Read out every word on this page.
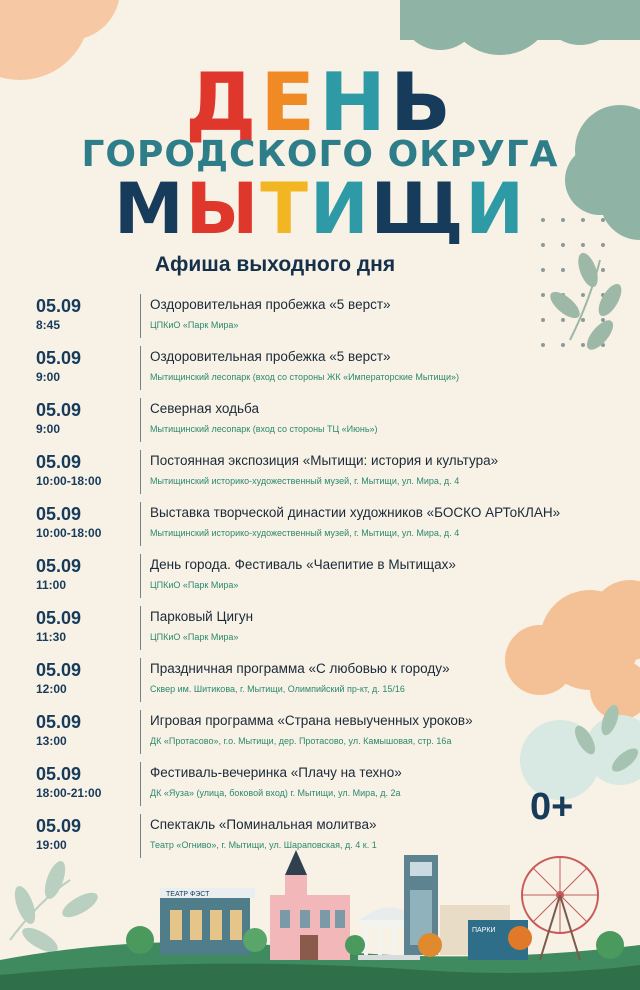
ДЕНЬ
ГОРОДСКОГО ОКРУГА
МЫТИЩИ
Афиша выходного дня
05.09
8:45
Оздоровительная пробежка «5 верст»
ЦПКиО «Парк Мира»
05.09
9:00
Оздоровительная пробежка «5 верст»
Мытищинский лесопарк (вход со стороны ЖК «Императорские Мытищи»)
05.09
9:00
Северная ходьба
Мытищинский лесопарк (вход со стороны ТЦ «Июнь»)
05.09
10:00-18:00
Постоянная экспозиция «Мытищи: история и культура»
Мытищинский историко-художественный музей, г. Мытищи, ул. Мира, д. 4
05.09
10:00-18:00
Выставка творческой династии художников «БОСКО АРТоКЛАН»
Мытищинский историко-художественный музей, г. Мытищи, ул. Мира, д. 4
05.09
11:00
День города. Фестиваль «Чаепитие в Мытищах»
ЦПКиО «Парк Мира»
05.09
11:30
Парковый Цигун
ЦПКиО «Парк Мира»
05.09
12:00
Праздничная программа «С любовью к городу»
Сквер им. Шитикова, г. Мытищи, Олимпийский пр-кт, д. 15/16
05.09
13:00
Игровая программа «Страна невыученных уроков»
ДК «Протасово», г.о. Мытищи, дер. Протасово, ул. Камышовая, стр. 16а
05.09
18:00-21:00
Фестиваль-вечеринка «Плачу на техно»
ДК «Яуза» (улица, боковой вход) г. Мытищи, ул. Мира, д. 2а
05.09
19:00
Спектакль «Поминальная молитва»
Театр «Огниво», г. Мытищи, ул. Шараповская, д. 4 к. 1
0+
ТЕАТР ФЭСТ
ПАРКИ
